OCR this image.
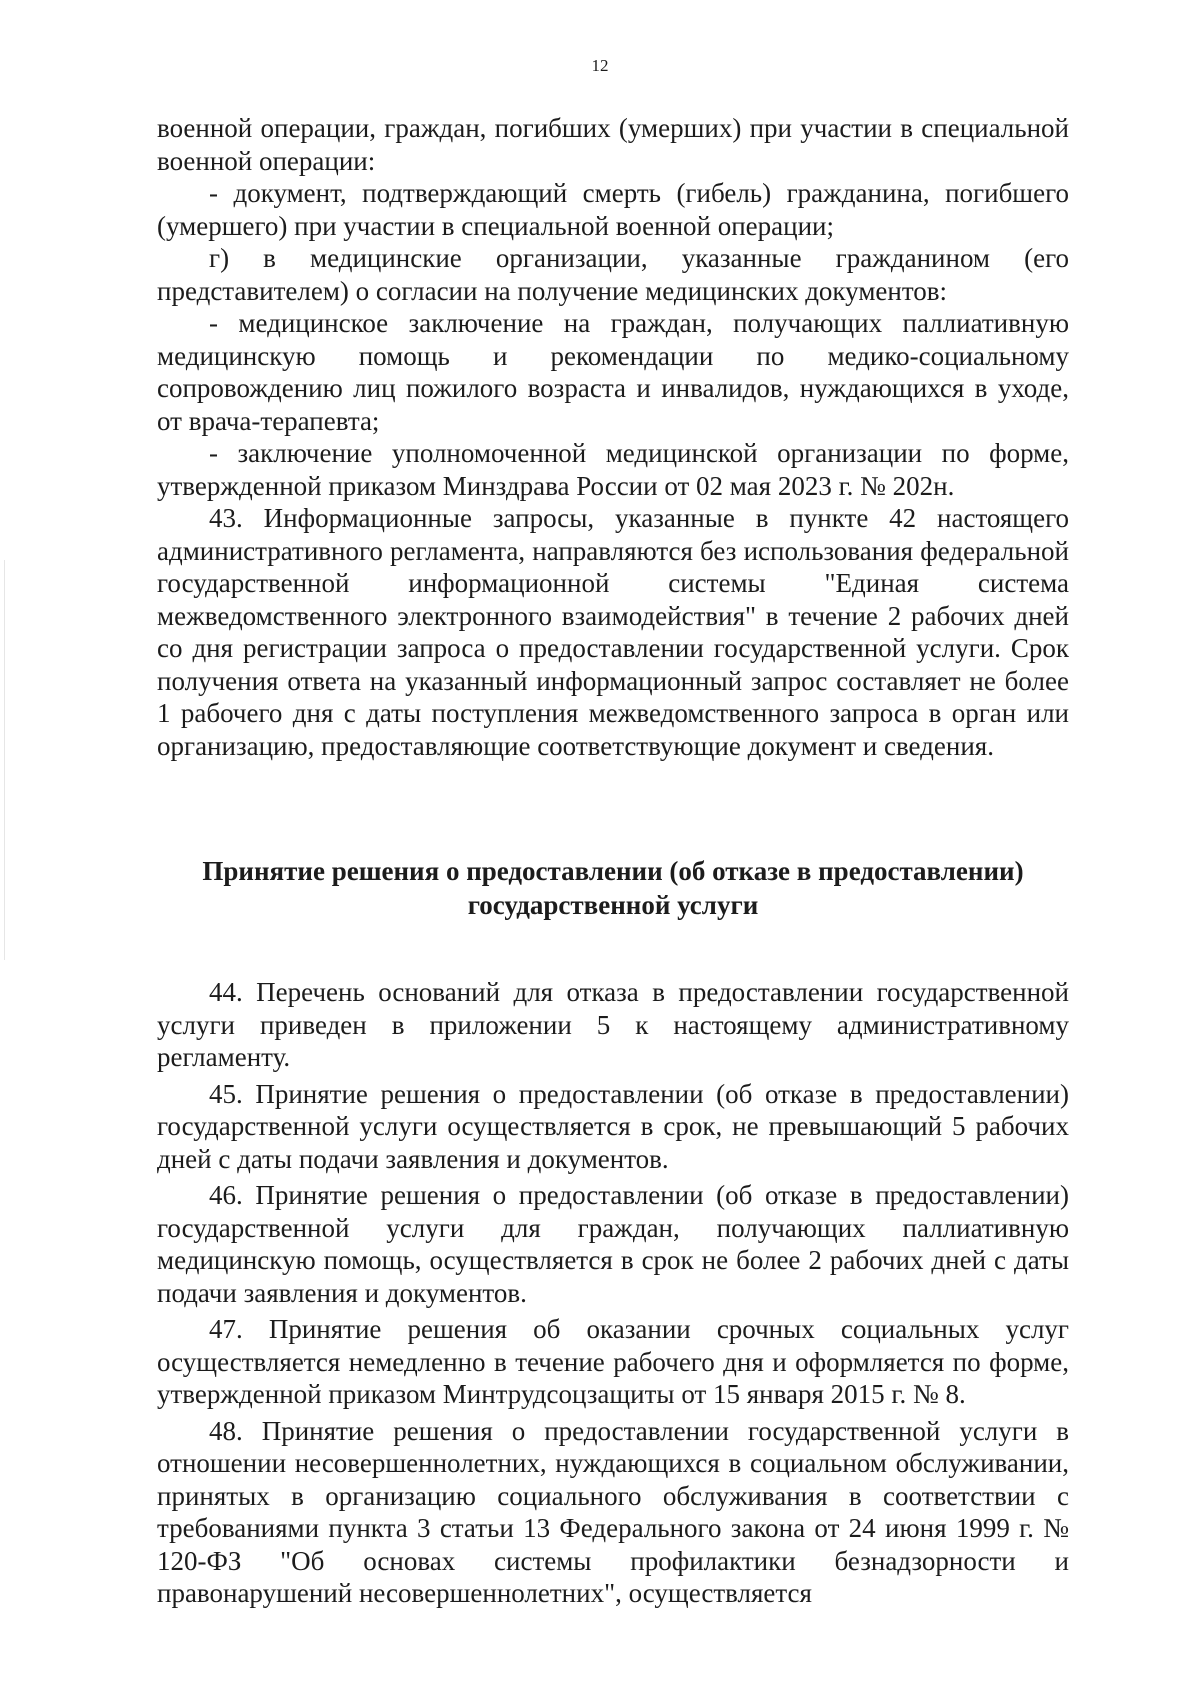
12

военной операции, граждан, погибших (умерших) при участии в специальной военной операции:

- документ, подтверждающий смерть (гибель) гражданина, погибшего (умершего) при участии в специальной военной операции;

г) в медицинские организации, указанные гражданином (его представителем) о согласии на получение медицинских документов:

- медицинское заключение на граждан, получающих паллиативную медицинскую помощь и рекомендации по медико-социальному сопровождению лиц пожилого возраста и инвалидов, нуждающихся в уходе, от врача-терапевта;

- заключение уполномоченной медицинской организации по форме, утвержденной приказом Минздрава России от 02 мая 2023 г. № 202н.

43. Информационные запросы, указанные в пункте 42 настоящего административного регламента, направляются без использования федеральной государственной информационной системы "Единая система межведомственного электронного взаимодействия" в течение 2 рабочих дней со дня регистрации запроса о предоставлении государственной услуги. Срок получения ответа на указанный информационный запрос составляет не более 1 рабочего дня с даты поступления межведомственного запроса в орган или организацию, предоставляющие соответствующие документ и сведения.

Принятие решения о предоставлении (об отказе в предоставлении)
государственной услуги

44. Перечень оснований для отказа в предоставлении государственной услуги приведен в приложении 5 к настоящему административному регламенту.

45. Принятие решения о предоставлении (об отказе в предоставлении) государственной услуги осуществляется в срок, не превышающий 5 рабочих дней с даты подачи заявления и документов.

46. Принятие решения о предоставлении (об отказе в предоставлении) государственной услуги для граждан, получающих паллиативную медицинскую помощь, осуществляется в срок не более 2 рабочих дней с даты подачи заявления и документов.

47. Принятие решения об оказании срочных социальных услуг осуществляется немедленно в течение рабочего дня и оформляется по форме, утвержденной приказом Минтрудсоцзащиты от 15 января 2015 г. № 8.

48. Принятие решения о предоставлении государственной услуги в отношении несовершеннолетних, нуждающихся в социальном обслуживании, принятых в организацию социального обслуживания в соответствии с требованиями пункта 3 статьи 13 Федерального закона от 24 июня 1999 г. № 120-ФЗ "Об основах системы профилактики безнадзорности и правонарушений несовершеннолетних", осуществляется
